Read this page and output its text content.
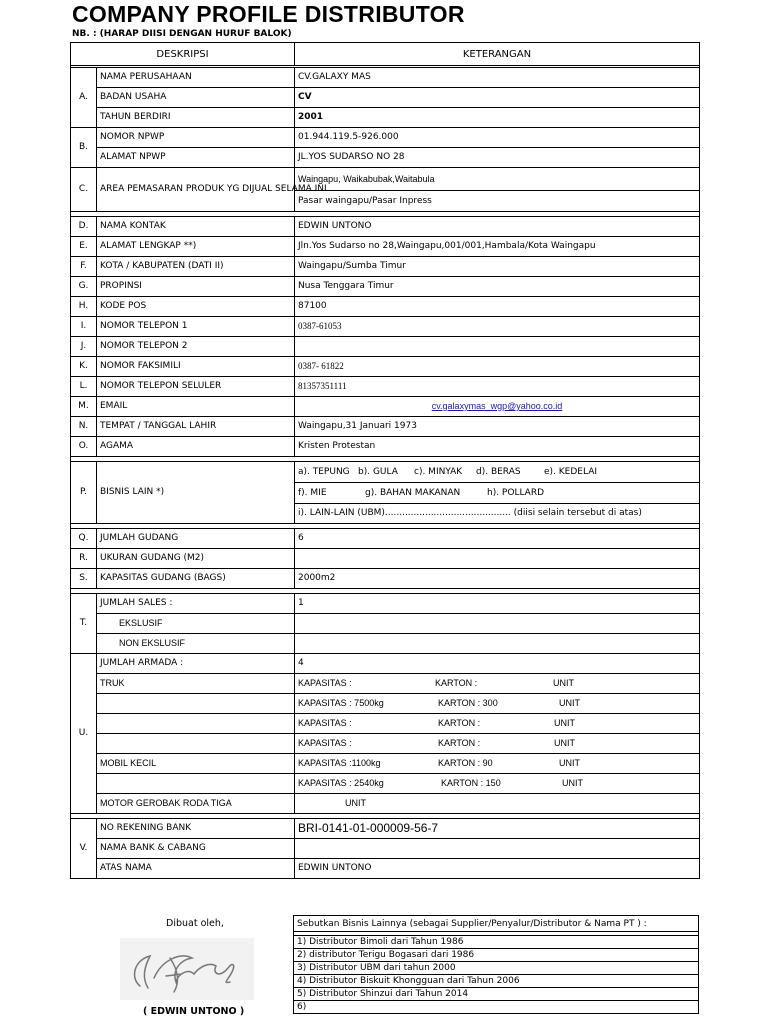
COMPANY PROFILE DISTRIBUTOR
NB. : (HARAP DIISI DENGAN HURUF BALOK)
DESKRIPSI		KETERANGAN

A.	NAMA PERUSAHAAN	CV.GALAXY MAS
	BADAN USAHA	CV
	TAHUN BERDIRI	2001
B.	NOMOR NPWP	01.944.119.5-926.000
	ALAMAT NPWP	JL.YOS SUDARSO NO 28
C.	AREA PEMASARAN PRODUK YG DIJUAL SELAMA INI	Waingapu, Waikabubak,Waitabula
		Pasar waingapu/Pasar Inpress

D.	NAMA KONTAK	EDWIN UNTONO
E.	ALAMAT LENGKAP **)	Jln.Yos Sudarso no 28,Waingapu,001/001,Hambala/Kota Waingapu
F.	KOTA / KABUPATEN (DATI II)	Waingapu/Sumba Timur
G.	PROPINSI	Nusa Tenggara Timur
H.	KODE POS	87100
I.	NOMOR TELEPON 1	0387-61053
J.	NOMOR TELEPON 2	
K.	NOMOR FAKSIMILI	0387- 61822
L.	NOMOR TELEPON SELULER	81357351111
M.	EMAIL	cv.galaxymas_wgp@yahoo.co.id
N.	TEMPAT / TANGGAL LAHIR	Waingapu,31 Januari 1973
O.	AGAMA	Kristen Protestan

P.	BISNIS LAIN *)	a). TEPUNG b). GULA c). MINYAK d). BERAS e). KEDELAI
		f). MIE g). BAHAN MAKANAN h). POLLARD
		i). LAIN-LAIN (UBM)............................................ (diisi selain tersebut di atas)

Q.	JUMLAH GUDANG	6
R.	UKURAN GUDANG (M2)	
S.	KAPASITAS GUDANG (BAGS)	2000m2

T.	JUMLAH SALES :	1
	EKSLUSIF	
	NON EKSLUSIF	
U.	JUMLAH ARMADA :	4
	TRUK	KAPASITAS : KARTON : UNIT
		KAPASITAS : 7500kg KARTON : 300 UNIT
		KAPASITAS : KARTON : UNIT
		KAPASITAS : KARTON : UNIT
	MOBIL KECIL	KAPASITAS :1100kg KARTON : 90 UNIT
		KAPASITAS : 2540kg KARTON : 150 UNIT
	MOTOR GEROBAK RODA TIGA	UNIT

V.	NO REKENING BANK	BRI-0141-01-000009-56-7
	NAMA BANK & CABANG	
	ATAS NAMA	EDWIN UNTONO
Dibuat oleh,
( EDWIN UNTONO )
Sebutkan Bisnis Lainnya (sebagai Supplier/Penyalur/Distributor & Nama PT ) :

1) Distributor Bimoli dari Tahun 1986
2) distributor Terigu Bogasari dari 1986
3) Distributor UBM dari tahun 2000
4) Distributor Biskuit Khongguan dari Tahun 2006
5) Distributor Shinzui dari Tahun 2014
6)
